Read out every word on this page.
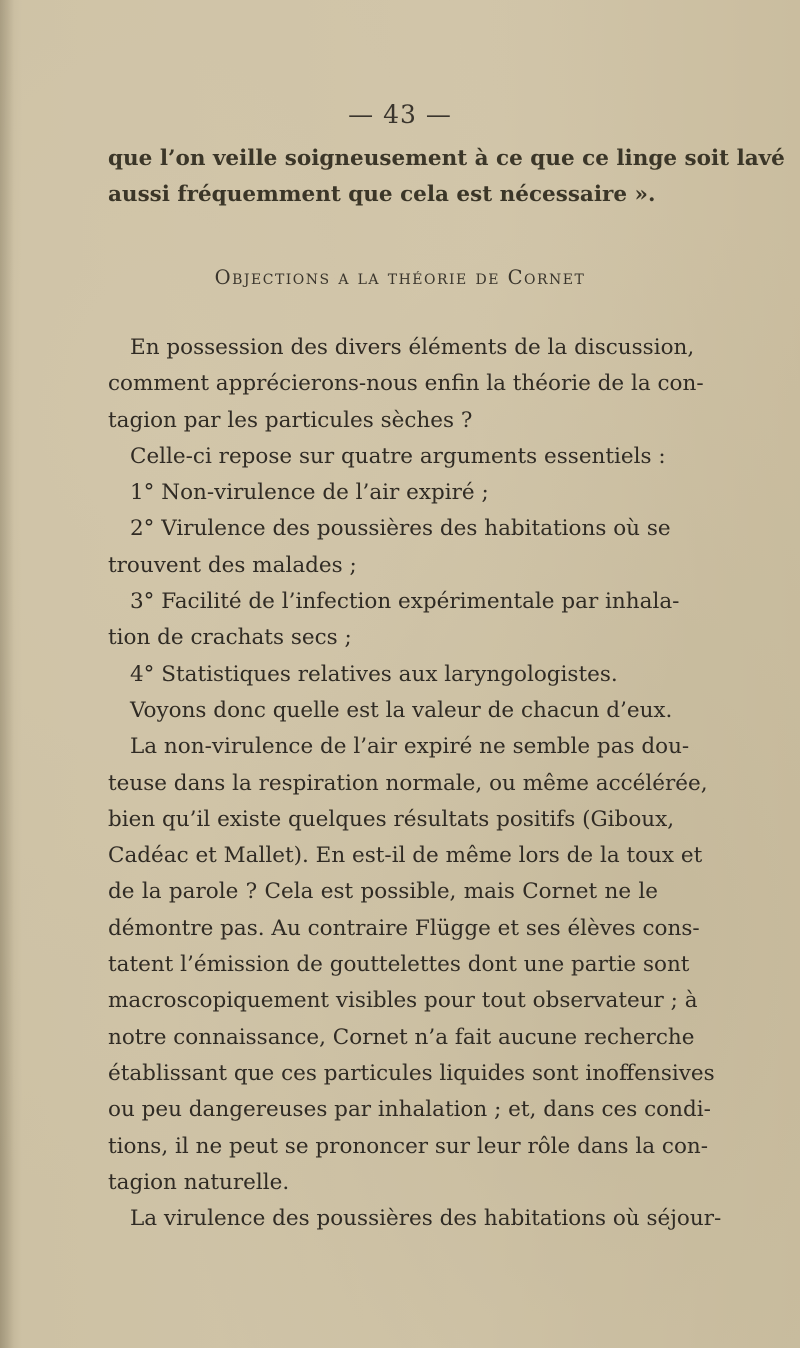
— 43 —
que l’on veille soigneusement à ce que ce linge soit lavé
aussi fréquemment que cela est nécessaire ».
Objections a la théorie de Cornet
En possession des divers éléments de la discussion,
comment apprécierons-nous enfin la théorie de la con-
tagion par les particules sèches ?
Celle-ci repose sur quatre arguments essentiels :
1° Non-virulence de l’air expiré ;
2° Virulence des poussières des habitations où se
trouvent des malades ;
3° Facilité de l’infection expérimentale par inhala-
tion de crachats secs ;
4° Statistiques relatives aux laryngologistes.
Voyons donc quelle est la valeur de chacun d’eux.
La non-virulence de l’air expiré ne semble pas dou-
teuse dans la respiration normale, ou même accélérée,
bien qu’il existe quelques résultats positifs (Giboux,
Cadéac et Mallet). En est-il de même lors de la toux et
de la parole ? Cela est possible, mais Cornet ne le
démontre pas. Au contraire Flügge et ses élèves cons-
tatent l’émission de gouttelettes dont une partie sont
macroscopiquement visibles pour tout observateur ; à
notre connaissance, Cornet n’a fait aucune recherche
établissant que ces particules liquides sont inoffensives
ou peu dangereuses par inhalation ; et, dans ces condi-
tions, il ne peut se prononcer sur leur rôle dans la con-
tagion naturelle.
La virulence des poussières des habitations où séjour-
